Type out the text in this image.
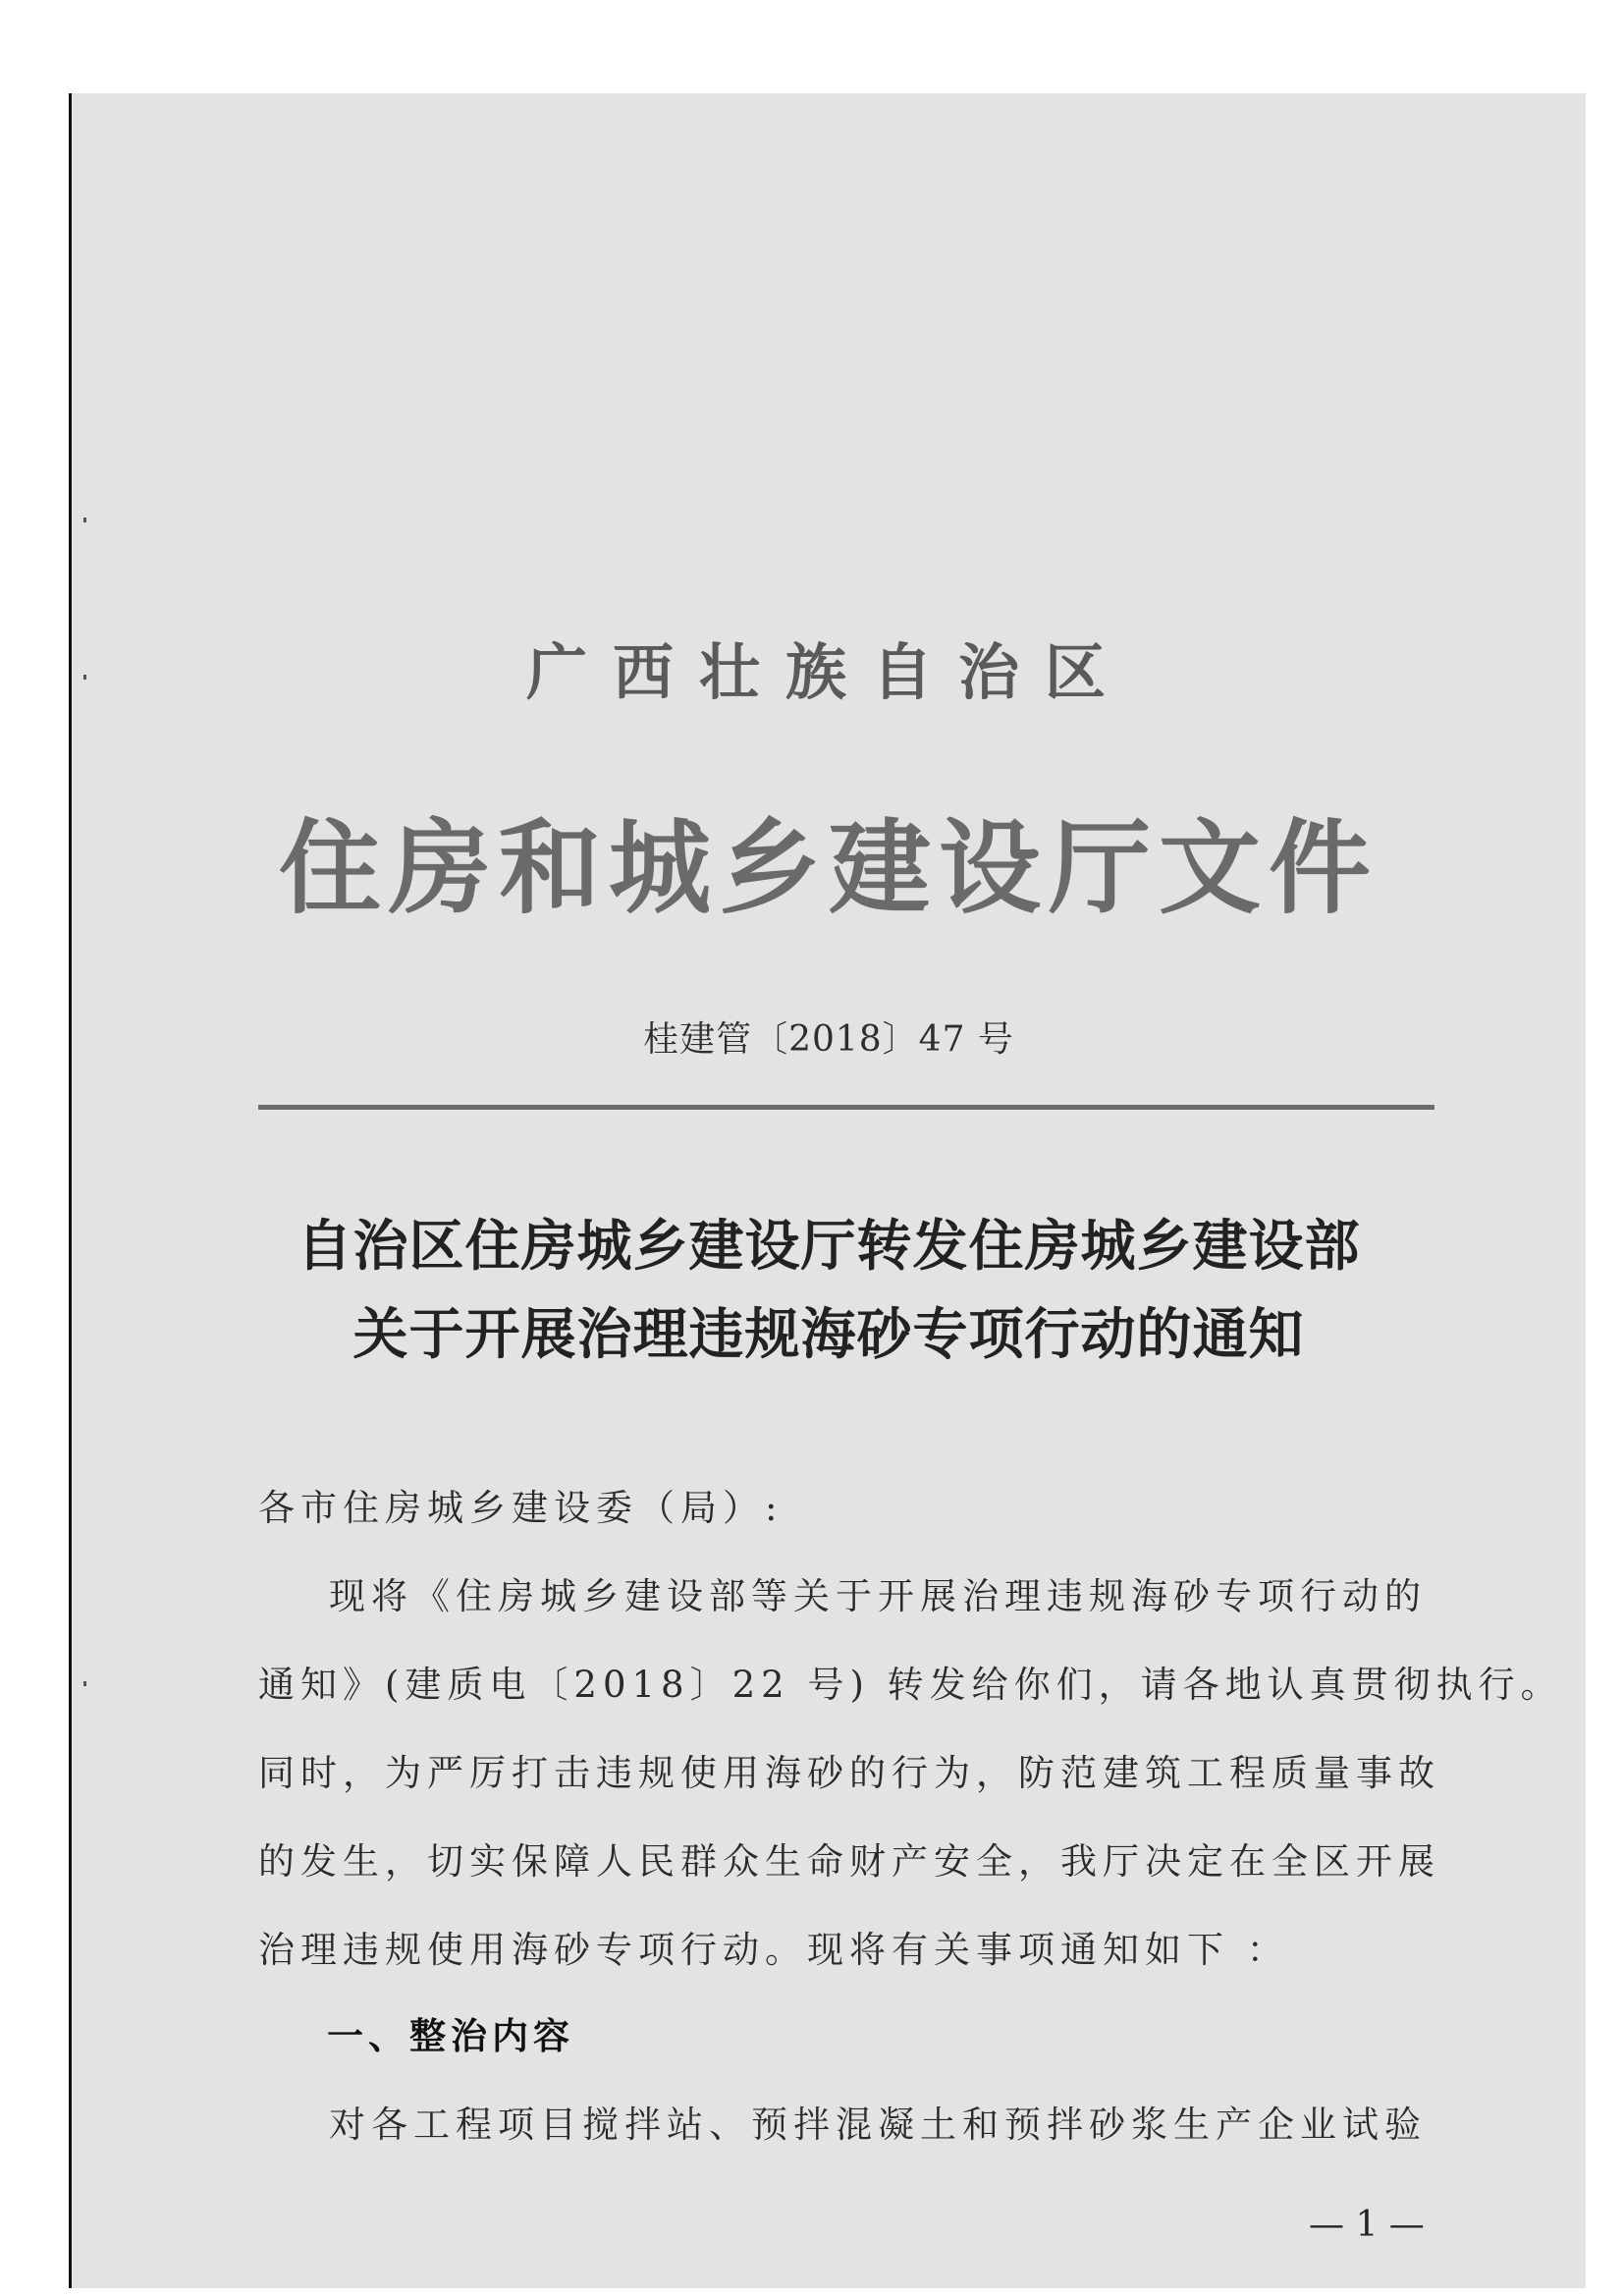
广西壮族自治区

住房和城乡建设厅文件

桂建管〔2018〕47 号

自治区住房城乡建设厅转发住房城乡建设部

关于开展治理违规海砂专项行动的通知

各市住房城乡建设委（局）:

现将《住房城乡建设部等关于开展治理违规海砂专项行动的

通知》(建质电〔2018〕22 号) 转发给你们，请各地认真贯彻执行。

同时，为严厉打击违规使用海砂的行为，防范建筑工程质量事故

的发生，切实保障人民群众生命财产安全，我厅决定在全区开展

治理违规使用海砂专项行动。现将有关事项通知如下 ：

一、整治内容

对各工程项目搅拌站、预拌混凝土和预拌砂浆生产企业试验

— 1 —
